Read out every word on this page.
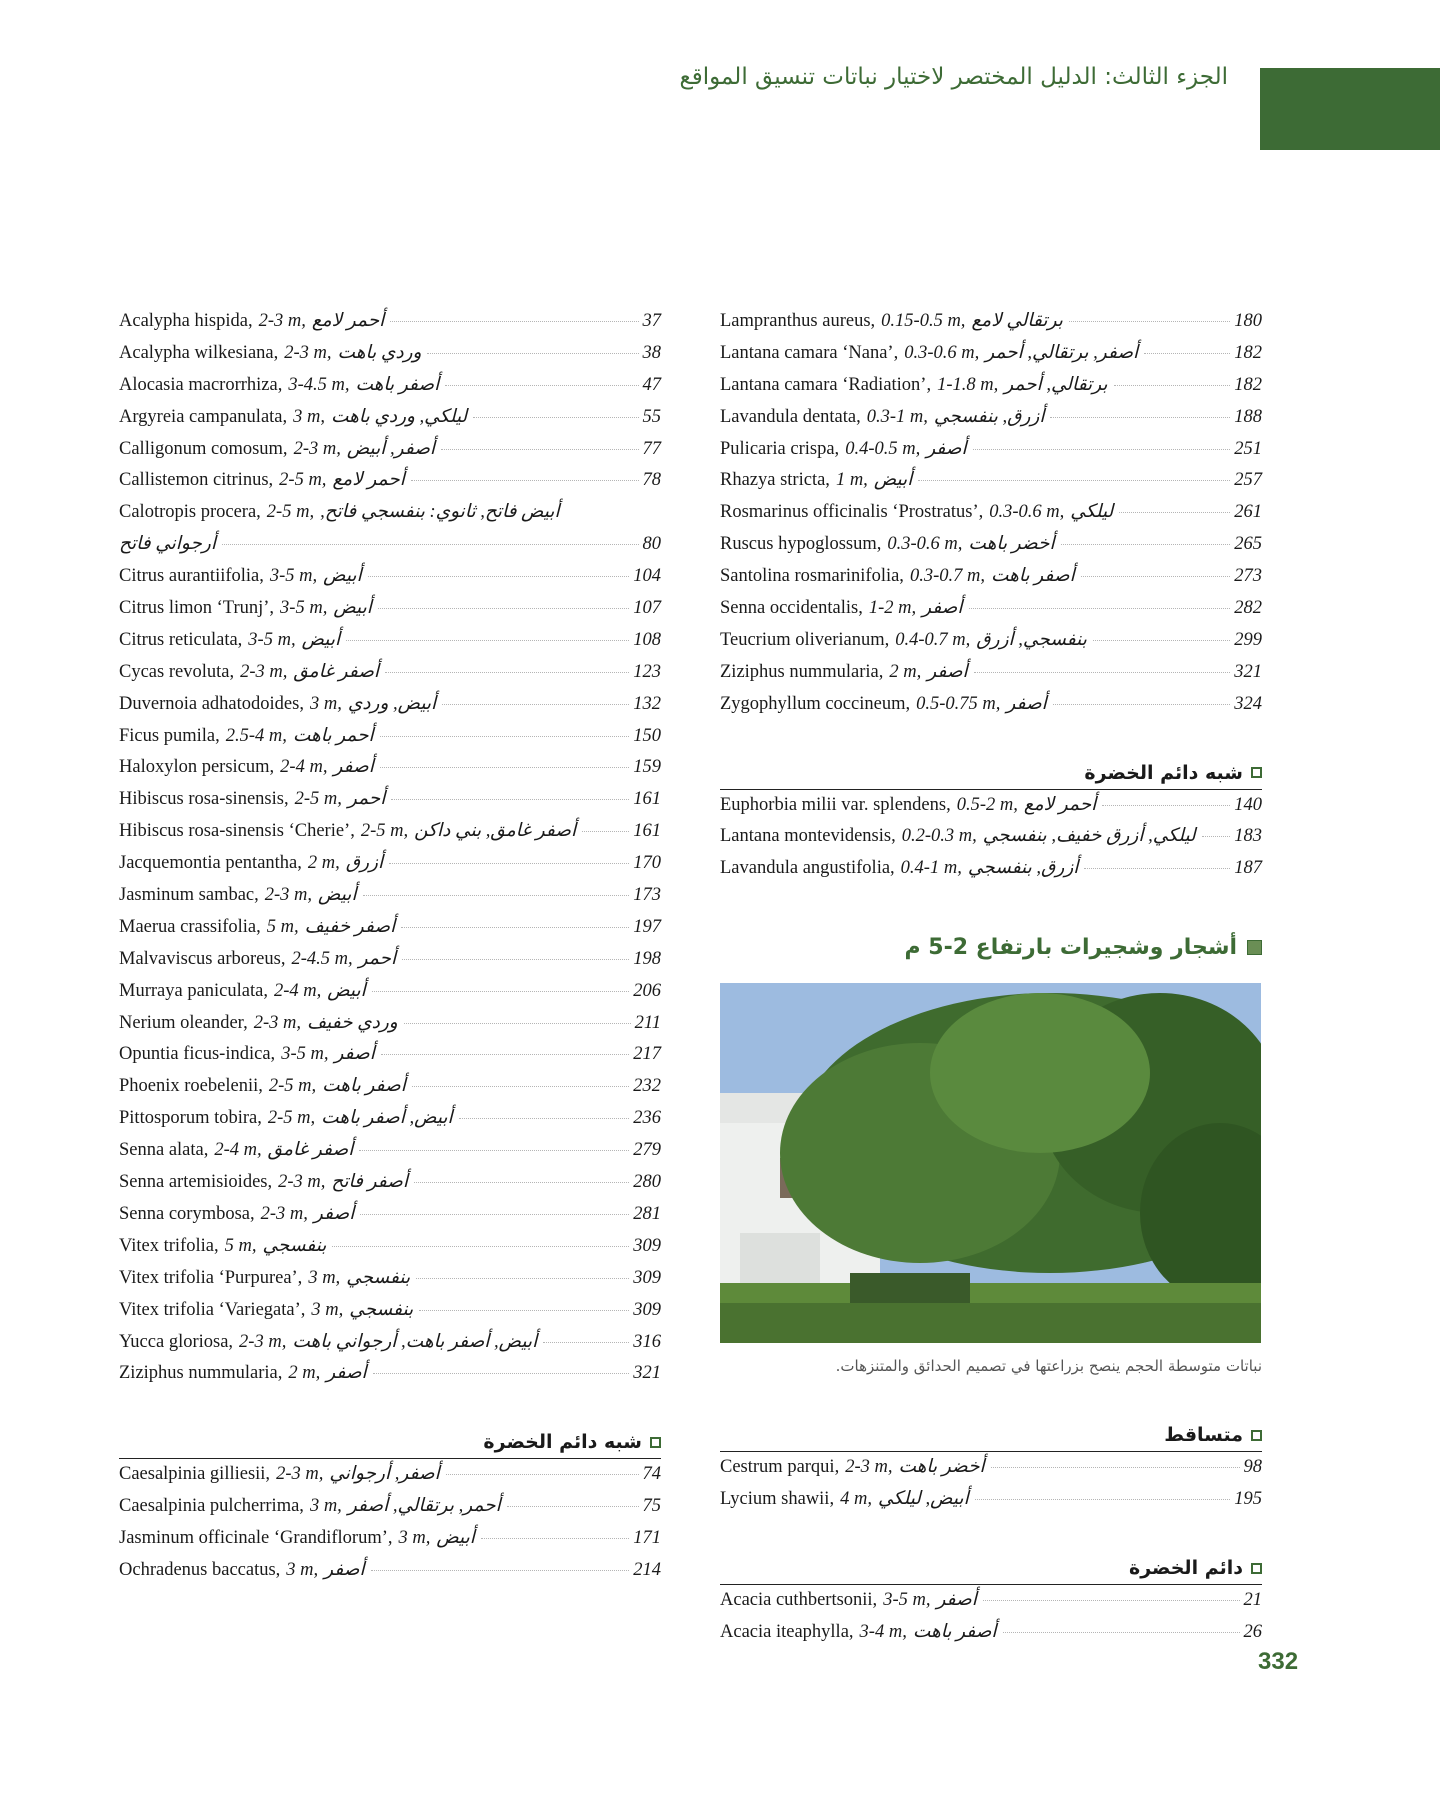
الجزء الثالث: الدليل المختصر لاختيار نباتات تنسيق المواقع
Acalypha hispida, 2-3 m, أحمر لامع	37
Acalypha wilkesiana, 2-3 m, وردي باهت	38
Alocasia macrorrhiza, 3-4.5 m, أصفر باهت	47
Argyreia campanulata, 3 m, ليلكي, وردي باهت	55
Calligonum comosum, 2-3 m, أصفر, أبيض	77
Callistemon citrinus, 2-5 m, أحمر لامع	78
Calotropis procera, 2-5 m, أبيض فاتح, ثانوي: بنفسجي فاتح,
أرجواني فاتح	80
Citrus aurantiifolia, 3-5 m, أبيض	104
Citrus limon ‘Trunj’, 3-5 m, أبيض	107
Citrus reticulata, 3-5 m, أبيض	108
Cycas revoluta, 2-3 m, أصفر غامق	123
Duvernoia adhatodoides, 3 m, أبيض, وردي	132
Ficus pumila, 2.5-4 m, أحمر باهت	150
Haloxylon persicum, 2-4 m, أصفر	159
Hibiscus rosa-sinensis, 2-5 m, أحمر	161
Hibiscus rosa-sinensis ‘Cherie’, 2-5 m, أصفر غامق, بني داكن	161
Jacquemontia pentantha, 2 m, أزرق	170
Jasminum sambac, 2-3 m, أبيض	173
Maerua crassifolia, 5 m, أصفر خفيف	197
Malvaviscus arboreus, 2-4.5 m, أحمر	198
Murraya paniculata, 2-4 m, أبيض	206
Nerium oleander, 2-3 m, وردي خفيف	211
Opuntia ficus-indica, 3-5 m, أصفر	217
Phoenix roebelenii, 2-5 m, أصفر باهت	232
Pittosporum tobira, 2-5 m, أبيض, أصفر باهت	236
Senna alata, 2-4 m, أصفر غامق	279
Senna artemisioides, 2-3 m, أصفر فاتح	280
Senna corymbosa, 2-3 m, أصفر	281
Vitex trifolia, 5 m, بنفسجي	309
Vitex trifolia ‘Purpurea’, 3 m, بنفسجي	309
Vitex trifolia ‘Variegata’, 3 m, بنفسجي	309
Yucca gloriosa, 2-3 m, أبيض, أصفر باهت, أرجواني باهت	316
Ziziphus nummularia, 2 m, أصفر	321
شبه دائم الخضرة
Caesalpinia gilliesii, 2-3 m, أصفر, أرجواني	74
Caesalpinia pulcherrima, 3 m, أحمر, برتقالي, أصفر	75
Jasminum officinale ‘Grandiflorum’, 3 m, أبيض	171
Ochradenus baccatus, 3 m, أصفر	214
Lampranthus aureus, 0.15-0.5 m, برتقالي لامع	180
Lantana camara ‘Nana’, 0.3-0.6 m, أصفر, برتقالي, أحمر	182
Lantana camara ‘Radiation’, 1-1.8 m, برتقالي, أحمر	182
Lavandula dentata, 0.3-1 m, أزرق, بنفسجي	188
Pulicaria crispa, 0.4-0.5 m, أصفر	251
Rhazya stricta, 1 m, أبيض	257
Rosmarinus officinalis ‘Prostratus’, 0.3-0.6 m, ليلكي	261
Ruscus hypoglossum, 0.3-0.6 m, أخضر باهت	265
Santolina rosmarinifolia, 0.3-0.7 m, أصفر باهت	273
Senna occidentalis, 1-2 m, أصفر	282
Teucrium oliverianum, 0.4-0.7 m, بنفسجي, أزرق	299
Ziziphus nummularia, 2 m, أصفر	321
Zygophyllum coccineum, 0.5-0.75 m, أصفر	324
شبه دائم الخضرة
Euphorbia milii var. splendens, 0.5-2 m, أحمر لامع	140
Lantana montevidensis, 0.2-0.3 m, ليلكي, أزرق خفيف, بنفسجي 183
Lavandula angustifolia, 0.4-1 m, أزرق, بنفسجي	187
أشجار وشجيرات بارتفاع 2-5 م
نباتات متوسطة الحجم ينصح بزراعتها في تصميم الحدائق والمتنزهات.
متساقط
Cestrum parqui, 2-3 m, أخضر باهت	98
Lycium shawii, 4 m, أبيض, ليلكي	195
دائم الخضرة
Acacia cuthbertsonii, 3-5 m, أصفر	21
Acacia iteaphylla, 3-4 m, أصفر باهت	26
332
